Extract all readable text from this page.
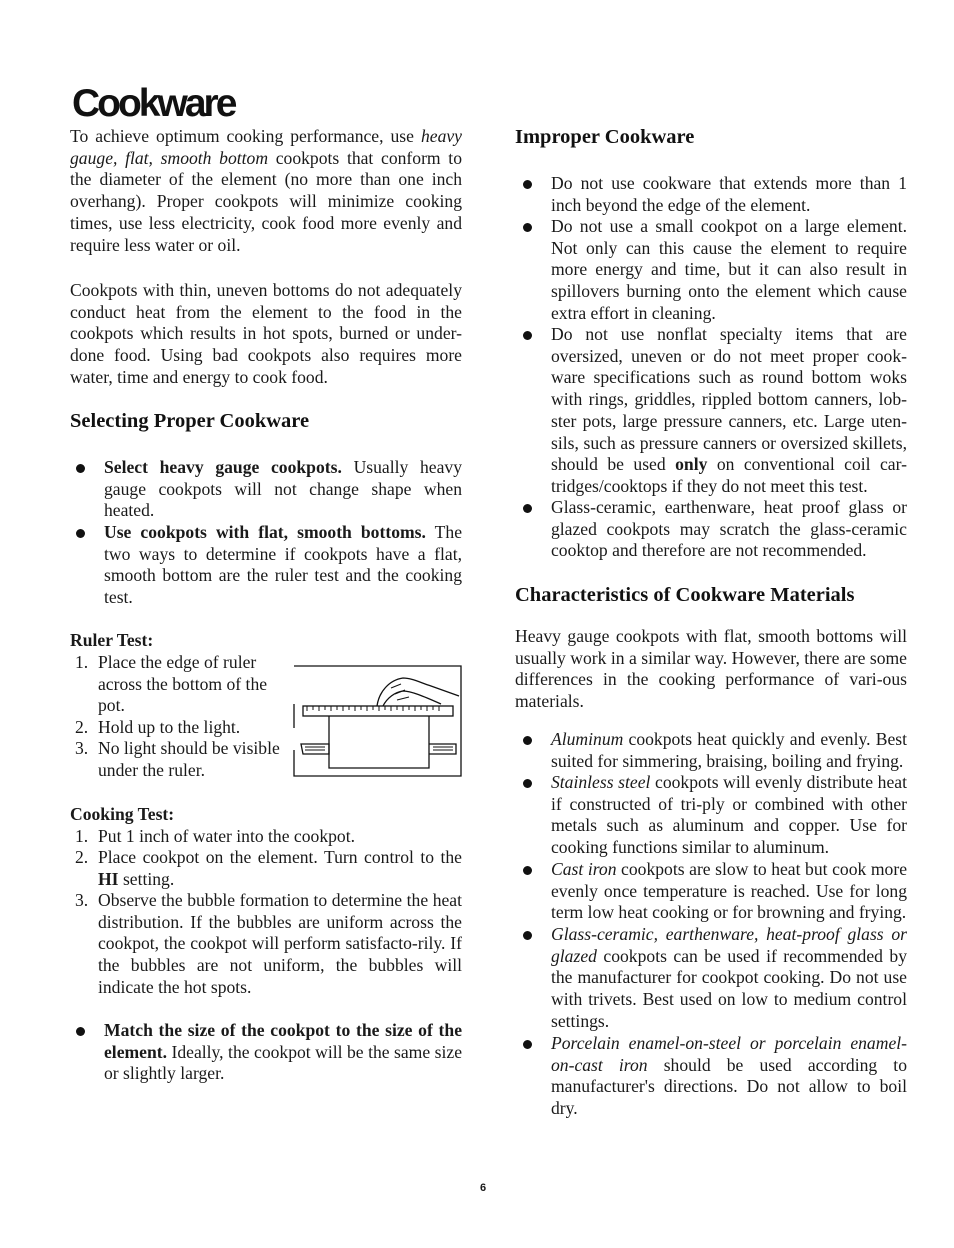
Cookware

To achieve optimum cooking performance, use heavy gauge, flat, smooth bottom cookpots that conform to the diameter of the element (no more than one inch overhang). Proper cookpots will minimize cooking times, use less electricity, cook food more evenly and require less water or oil.

Cookpots with thin, uneven bottoms do not adequately conduct heat from the element to the food in the cookpots which results in hot spots, burned or under-done food. Using bad cookpots also requires more water, time and energy to cook food.

Selecting Proper Cookware
Select heavy gauge cookpots. Usually heavy gauge cookpots will not change shape when heated.
Use cookpots with flat, smooth bottoms. The two ways to determine if cookpots have a flat, smooth bottom are the ruler test and the cooking test.
Ruler Test:
1. Place the edge of ruler across the bottom of the pot.
2. Hold up to the light.
3. No light should be visible under the ruler.
Cooking Test:
1. Put 1 inch of water into the cookpot.
2. Place cookpot on the element. Turn control to the HI setting.
3. Observe the bubble formation to determine the heat distribution. If the bubbles are uniform across the cookpot, the cookpot will perform satisfacto-rily. If the bubbles are not uniform, the bubbles will indicate the hot spots.
Match the size of the cookpot to the size of the element. Ideally, the cookpot will be the same size or slightly larger.
Improper Cookware
Do not use cookware that extends more than 1 inch beyond the edge of the element.
Do not use a small cookpot on a large element. Not only can this cause the element to require more energy and time, but it can also result in spillovers burning onto the element which cause extra effort in cleaning.
Do not use nonflat specialty items that are oversized, uneven or do not meet proper cook-ware specifications such as round bottom woks with rings, griddles, rippled bottom canners, lob-ster pots, large pressure canners, etc. Large uten-sils, such as pressure canners or oversized skillets, should be used only on conventional coil car-tridges/cooktops if they do not meet this test.
Glass-ceramic, earthenware, heat proof glass or glazed cookpots may scratch the glass-ceramic cooktop and therefore are not recommended.
Characteristics of Cookware Materials

Heavy gauge cookpots with flat, smooth bottoms will usually work in a similar way. However, there are some differences in the cooking performance of vari-ous materials.

Aluminum cookpots heat quickly and evenly. Best suited for simmering, braising, boiling and frying.
Stainless steel cookpots will evenly distribute heat if constructed of tri-ply or combined with other metals such as aluminum and copper. Use for cooking functions similar to aluminum.
Cast iron cookpots are slow to heat but cook more evenly once temperature is reached. Use for long term low heat cooking or for browning and frying.
Glass-ceramic, earthenware, heat-proof glass or glazed cookpots can be used if recommended by the manufacturer for cookpot cooking. Do not use with trivets. Best used on low to medium control settings.
Porcelain enamel-on-steel or porcelain enamel-on-cast iron should be used according to manufacturer's directions. Do not allow to boil dry.
6
